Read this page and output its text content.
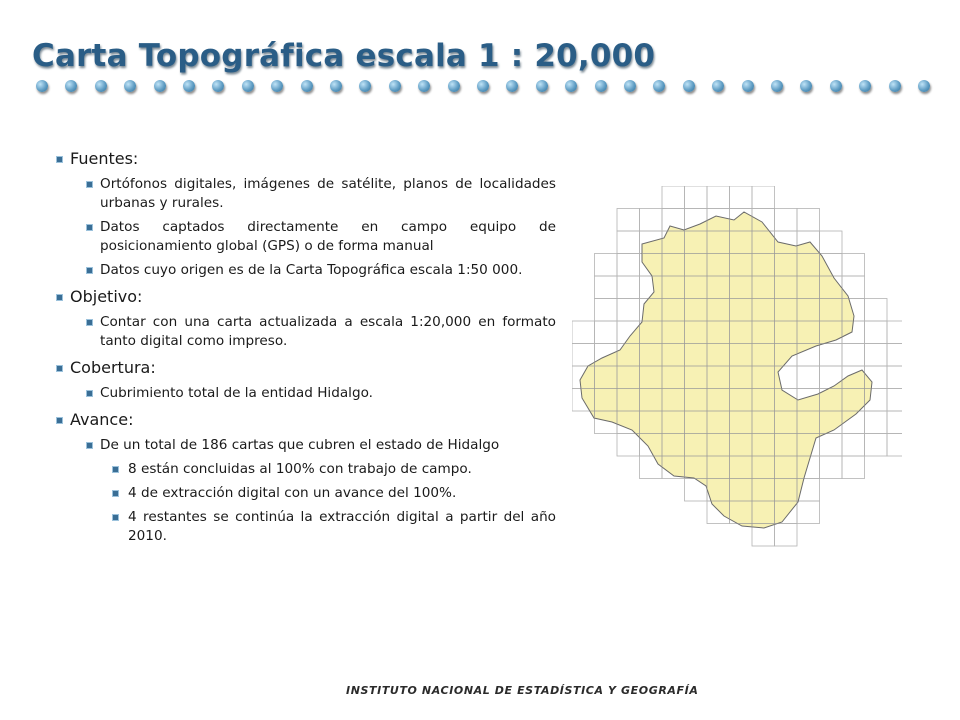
Carta Topográfica escala 1 : 20,000
Fuentes:
Ortófonos digitales, imágenes de satélite, planos de localidades urbanas y rurales.
Datos captados directamente en campo equipo de posicionamiento global (GPS) o de forma manual
Datos cuyo origen es de la Carta Topográfica escala 1:50 000.
Objetivo:
Contar con una carta actualizada a escala 1:20,000 en formato tanto digital como impreso.
Cobertura:
Cubrimiento total de la entidad Hidalgo.
Avance:
De un total de 186 cartas que cubren el estado de Hidalgo
8 están concluidas al 100% con trabajo de campo.
4 de extracción digital con un avance del 100%.
4 restantes se continúa la extracción digital a partir del año 2010.
INSTITUTO NACIONAL DE ESTADÍSTICA Y GEOGRAFÍA
